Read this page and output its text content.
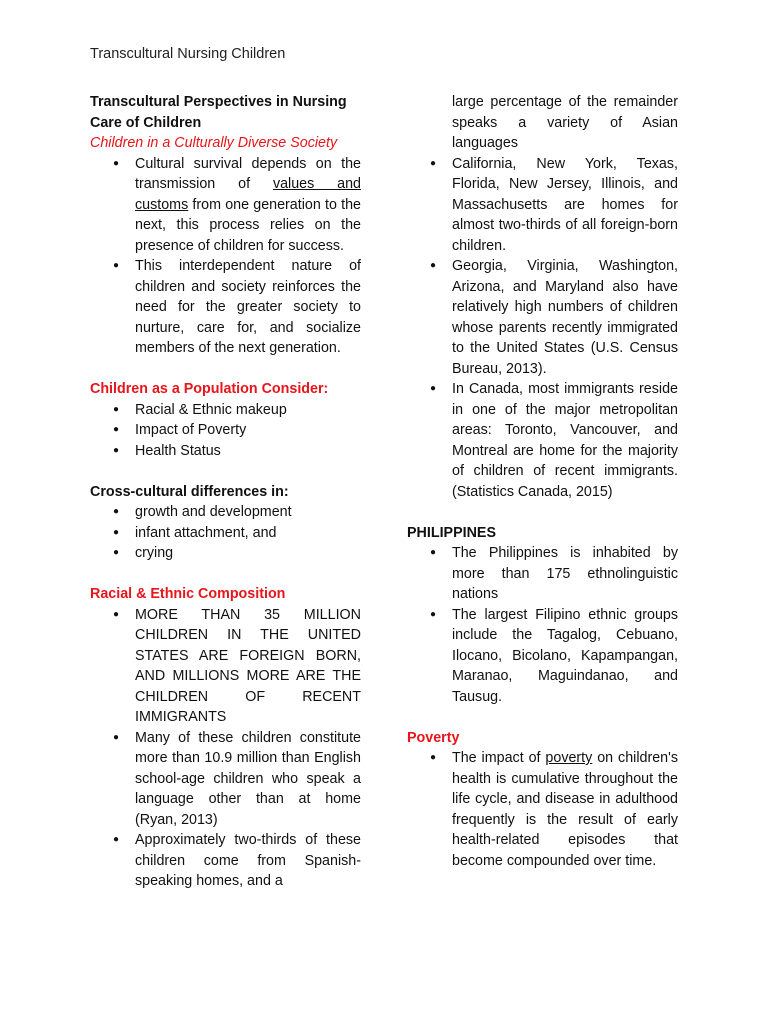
Transcultural Nursing Children
Transcultural Perspectives in Nursing Care of Children
Children in a Culturally Diverse Society
● Cultural survival depends on the transmission of values and customs from one generation to the next, this process relies on the presence of children for success.
● This interdependent nature of children and society reinforces the need for the greater society to nurture, care for, and socialize members of the next generation.
Children as a Population Consider:
● Racial & Ethnic makeup
● Impact of Poverty
● Health Status
Cross-cultural differences in:
● growth and development
● infant attachment, and
● crying
Racial & Ethnic Composition
● MORE THAN 35 MILLION CHILDREN IN THE UNITED STATES ARE FOREIGN BORN, AND MILLIONS MORE ARE THE CHILDREN OF RECENT IMMIGRANTS
● Many of these children constitute more than 10.9 million than English school-age children who speak a language other than at home (Ryan, 2013)
● Approximately two-thirds of these children come from Spanish-speaking homes, and a
large percentage of the remainder speaks a variety of Asian languages
● California, New York, Texas, Florida, New Jersey, Illinois, and Massachusetts are homes for almost two-thirds of all foreign-born children.
● Georgia, Virginia, Washington, Arizona, and Maryland also have relatively high numbers of children whose parents recently immigrated to the United States (U.S. Census Bureau, 2013).
● In Canada, most immigrants reside in one of the major metropolitan areas: Toronto, Vancouver, and Montreal are home for the majority of children of recent immigrants. (Statistics Canada, 2015)
PHILIPPINES
● The Philippines is inhabited by more than 175 ethnolinguistic nations
● The largest Filipino ethnic groups include the Tagalog, Cebuano, Ilocano, Bicolano, Kapampangan, Maranao, Maguindanao, and Tausug.
Poverty
● The impact of poverty on children's health is cumulative throughout the life cycle, and disease in adulthood frequently is the result of early health-related episodes that become compounded over time.
